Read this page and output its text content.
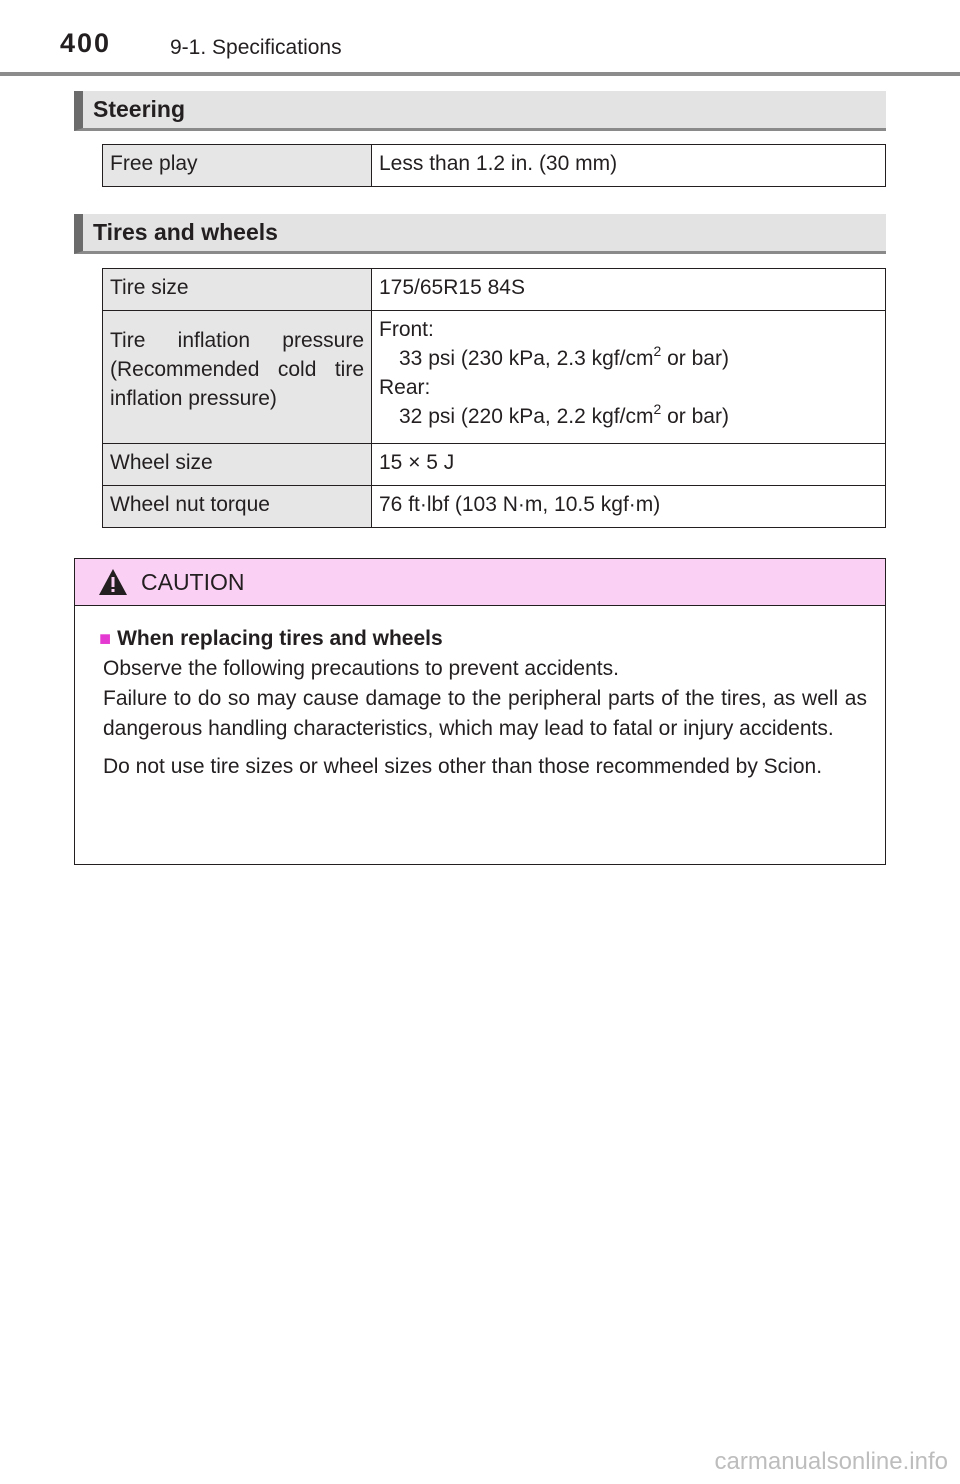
400	9-1. Specifications
Steering
Free play	Less than 1.2 in. (30 mm)
Tires and wheels
Tire size	175/65R15 84S
Tire inflation pressure (Recommended cold tire inflation pressure)	Front:
33 psi (230 kPa, 2.3 kgf/$cm^2$ or bar)
Rear:
32 psi (220 kPa, 2.2 kgf/$cm^2$ or bar)

Wheel size	15 × 5 J
Wheel nut torque	76 ft·lbf (103 N·m, 10.5 kgf·m)
CAUTION
■ When replacing tires and wheels

Observe the following precautions to prevent accidents.

Failure to do so may cause damage to the peripheral parts of the tires, as well as dangerous handling characteristics, which may lead to fatal or injury accidents.

Do not use tire sizes or wheel sizes other than those recommended by Scion.

carmanualsonline.info
